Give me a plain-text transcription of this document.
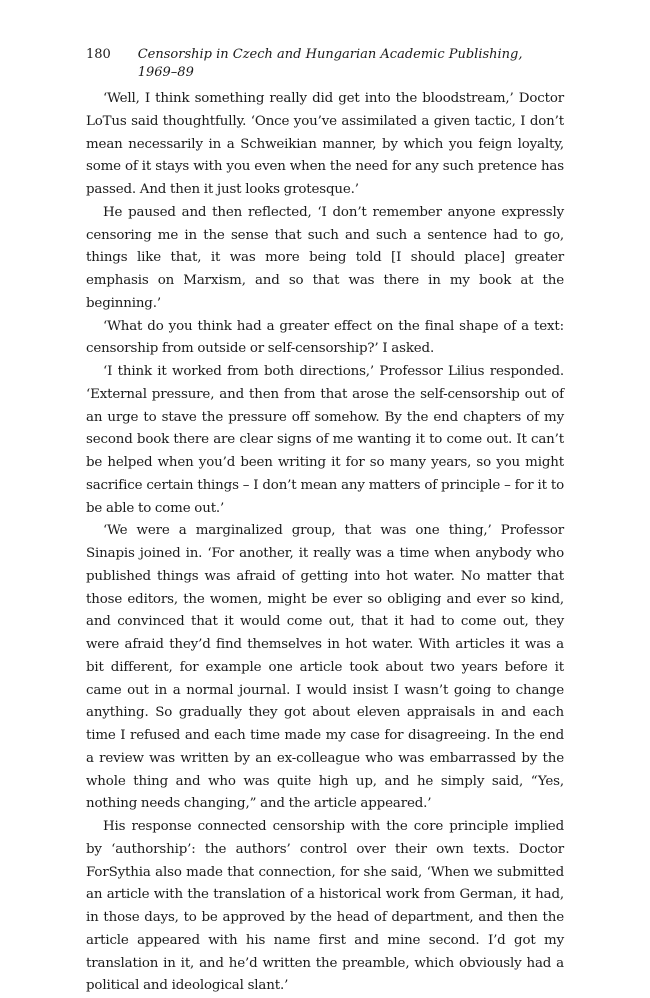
180	Censorship in Czech and Hungarian Academic Publishing, 1969–89

‘Well, I think something really did get into the bloodstream,’ Doctor LoTus said thoughtfully. ‘Once you’ve assimilated a given tactic, I don’t mean necessarily in a Schweikian manner, by which you feign loyalty, some of it stays with you even when the need for any such pretence has passed. And then it just looks grotesque.’

He paused and then reflected, ‘I don’t remember anyone expressly censoring me in the sense that such and such a sentence had to go, things like that, it was more being told [I should place] greater emphasis on Marxism, and so that was there in my book at the beginning.’

‘What do you think had a greater effect on the final shape of a text: censorship from outside or self-censorship?’ I asked.

‘I think it worked from both directions,’ Professor Lilius responded. ‘External pressure, and then from that arose the self-censorship out of an urge to stave the pressure off somehow. By the end chapters of my second book there are clear signs of me wanting it to come out. It can’t be helped when you’d been writing it for so many years, so you might sacrifice certain things – I don’t mean any matters of principle – for it to be able to come out.’

‘We were a marginalized group, that was one thing,’ Professor Sinapis joined in. ‘For another, it really was a time when anybody who published things was afraid of getting into hot water. No matter that those editors, the women, might be ever so obliging and ever so kind, and convinced that it would come out, that it had to come out, they were afraid they’d find themselves in hot water. With articles it was a bit different, for example one article took about two years before it came out in a normal journal. I would insist I wasn’t going to change anything. So gradually they got about eleven appraisals in and each time I refused and each time made my case for disagreeing. In the end a review was written by an ex-colleague who was embarrassed by the whole thing and who was quite high up, and he simply said, “Yes, nothing needs changing,” and the article appeared.’

His response connected censorship with the core principle implied by ‘authorship’: the authors’ control over their own texts. Doctor ForSythia also made that connection, for she said, ‘When we submitted an article with the translation of a historical work from German, it had, in those days, to be approved by the head of department, and then the article appeared with his name first and mine second. I’d got my translation in it, and he’d written the preamble, which obviously had a political and ideological slant.’
